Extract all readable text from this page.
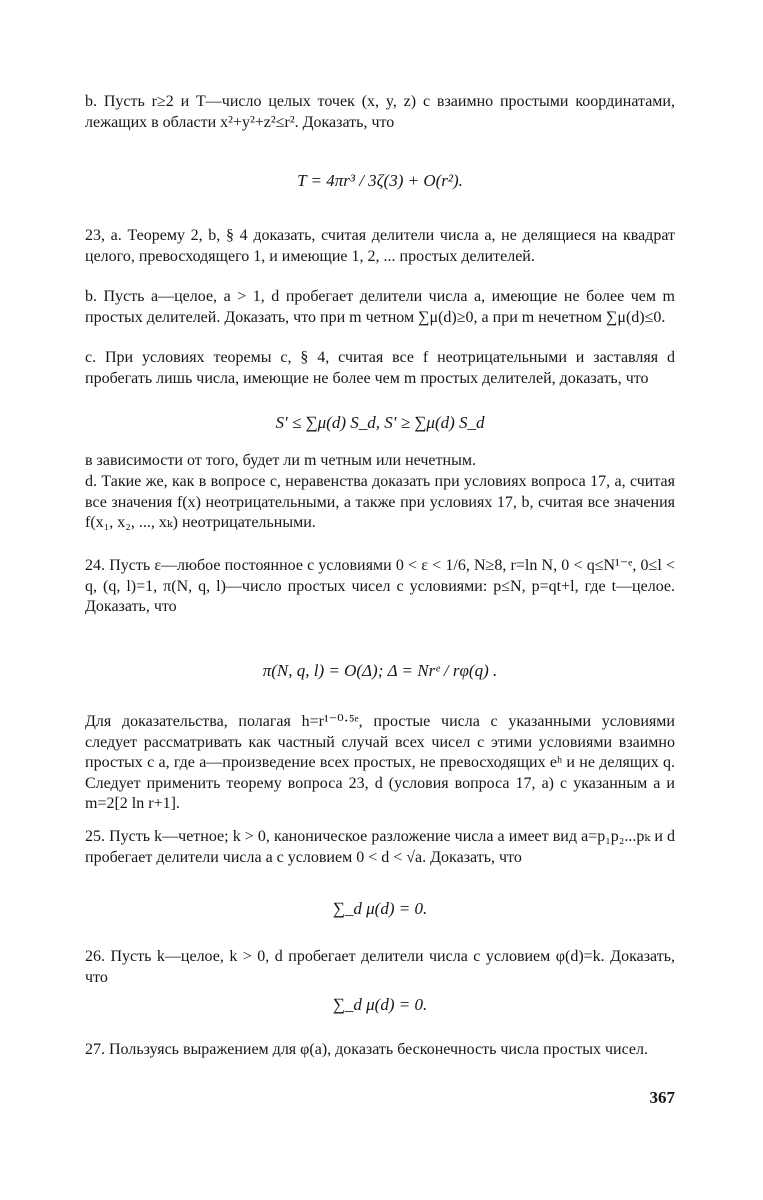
b. Пусть r≥2 и T—число целых точек (x, y, z) с взаимно простыми координатами, лежащих в области x²+y²+z²≤r². Доказать, что

T = 4πr³ / 3ζ(3) + O(r²).

23, a. Теорему 2, b, § 4 доказать, считая делители числа a, не делящиеся на квадрат целого, превосходящего 1, и имеющие 1, 2, ... простых делителей.

b. Пусть a—целое, a > 1, d пробегает делители числа a, имеющие не более чем m простых делителей. Доказать, что при m четном ∑μ(d)≥0, а при m нечетном ∑μ(d)≤0.

c. При условиях теоремы c, § 4, считая все f неотрицательными и заставляя d пробегать лишь числа, имеющие не более чем m простых делителей, доказать, что

S′ ≤ ∑μ(d) S_d, S′ ≥ ∑μ(d) S_d

в зависимости от того, будет ли m четным или нечетным.

d. Такие же, как в вопросе c, неравенства доказать при условиях вопроса 17, a, считая все значения f(x) неотрицательными, а также при условиях 17, b, считая все значения f(x₁, x₂, ..., xₖ) неотрицательными.

24. Пусть ε—любое постоянное с условиями 0 < ε < 1/6, N≥8, r=ln N, 0 < q≤N¹⁻ᵉ, 0≤l < q, (q, l)=1, π(N, q, l)—число простых чисел с условиями: p≤N, p=qt+l, где t—целое. Доказать, что

π(N, q, l) = O(Δ); Δ = Nrᵉ / rφ(q) .

Для доказательства, полагая h=r¹⁻⁰·⁵ᵉ, простые числа с указанными условиями следует рассматривать как частный случай всех чисел с этими условиями взаимно простых с a, где a—произведение всех простых, не превосходящих eʰ и не делящих q. Следует применить теорему вопроса 23, d (условия вопроса 17, a) с указанным a и m=2[2 ln r+1].

25. Пусть k—четное; k > 0, каноническое разложение числа a имеет вид a=p₁p₂...pₖ и d пробегает делители числа a с условием 0 < d < √a. Доказать, что

∑_d μ(d) = 0.

26. Пусть k—целое, k > 0, d пробегает делители числа с условием φ(d)=k. Доказать, что

∑_d μ(d) = 0.

27. Пользуясь выражением для φ(a), доказать бесконечность числа простых чисел.

367
